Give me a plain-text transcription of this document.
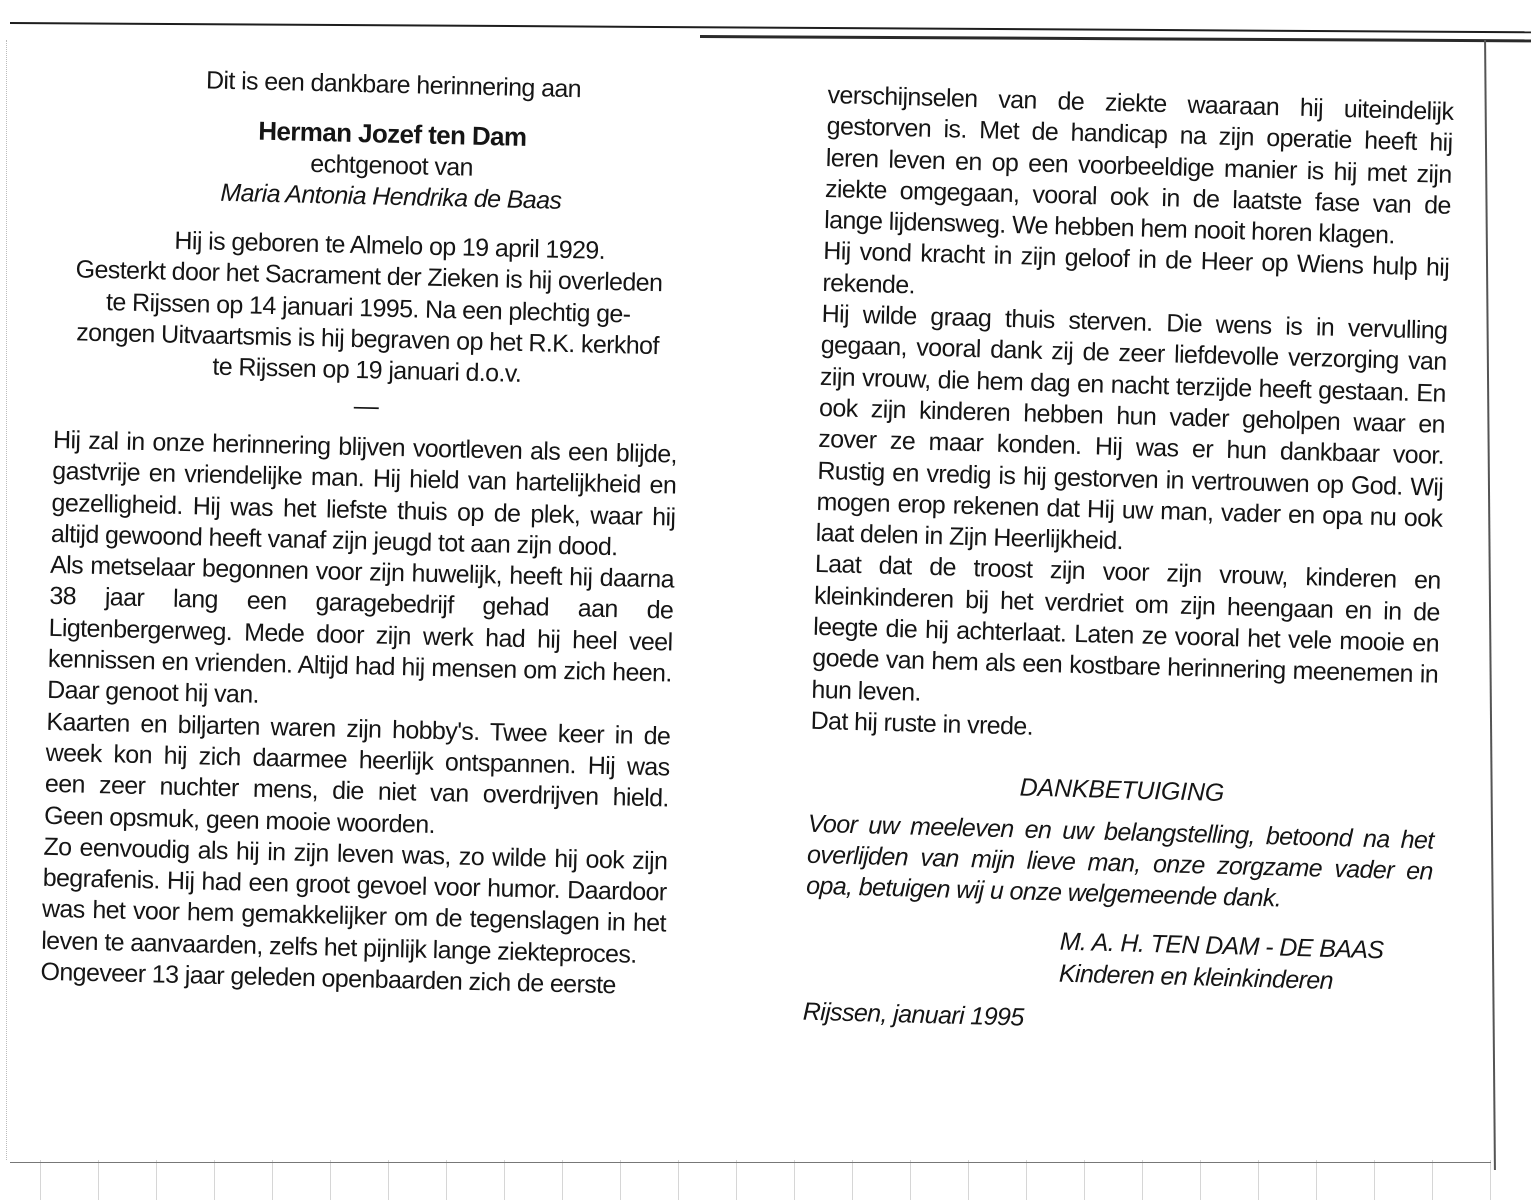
Dit is een dankbare herinnering aan

Herman Jozef ten Dam

echtgenoot van

Maria Antonia Hendrika de Baas

Hij is geboren te Almelo op 19 april 1929.

Gesterkt door het Sacrament der Zieken is hij overleden

te Rijssen op 14 januari 1995. Na een plechtig ge-

zongen Uitvaartsmis is hij begraven op het R.K. kerkhof

te Rijssen op 19 januari d.o.v.

—

Hij zal in onze herinnering blijven voortleven als een blijde, gastvrije en vriendelijke man. Hij hield van hartelijkheid en gezelligheid. Hij was het liefste thuis op de plek, waar hij altijd gewoond heeft vanaf zijn jeugd tot aan zijn dood.

Als metselaar begonnen voor zijn huwelijk, heeft hij daarna 38 jaar lang een garagebedrijf gehad aan de Ligtenbergerweg. Mede door zijn werk had hij heel veel kennissen en vrienden. Altijd had hij mensen om zich heen. Daar genoot hij van.

Kaarten en biljarten waren zijn hobby's. Twee keer in de week kon hij zich daarmee heerlijk ontspannen. Hij was een zeer nuchter mens, die niet van overdrijven hield. Geen opsmuk, geen mooie woorden.

Zo eenvoudig als hij in zijn leven was, zo wilde hij ook zijn begrafenis. Hij had een groot gevoel voor humor. Daardoor was het voor hem gemakkelijker om de tegenslagen in het leven te aanvaarden, zelfs het pijnlijk lange ziekteproces.

Ongeveer 13 jaar geleden openbaarden zich de eerste

verschijnselen van de ziekte waaraan hij uiteindelijk gestorven is. Met de handicap na zijn operatie heeft hij leren leven en op een voorbeeldige manier is hij met zijn ziekte omgegaan, vooral ook in de laatste fase van de lange lijdensweg. We hebben hem nooit horen klagen.

Hij vond kracht in zijn geloof in de Heer op Wiens hulp hij rekende.

Hij wilde graag thuis sterven. Die wens is in vervulling gegaan, vooral dank zij de zeer liefdevolle verzorging van zijn vrouw, die hem dag en nacht terzijde heeft gestaan. En ook zijn kinderen hebben hun vader geholpen waar en zover ze maar konden. Hij was er hun dankbaar voor. Rustig en vredig is hij gestorven in vertrouwen op God. Wij mogen erop rekenen dat Hij uw man, vader en opa nu ook laat delen in Zijn Heerlijkheid.

Laat dat de troost zijn voor zijn vrouw, kinderen en kleinkinderen bij het verdriet om zijn heengaan en in de leegte die hij achterlaat. Laten ze vooral het vele mooie en goede van hem als een kostbare herinnering meenemen in hun leven.

Dat hij ruste in vrede.

DANKBETUIGING

Voor uw meeleven en uw belangstelling, betoond na het overlijden van mijn lieve man, onze zorgzame vader en opa, betuigen wij u onze welgemeende dank.

M. A. H. TEN DAM - DE BAAS

Kinderen en kleinkinderen

Rijssen, januari 1995
